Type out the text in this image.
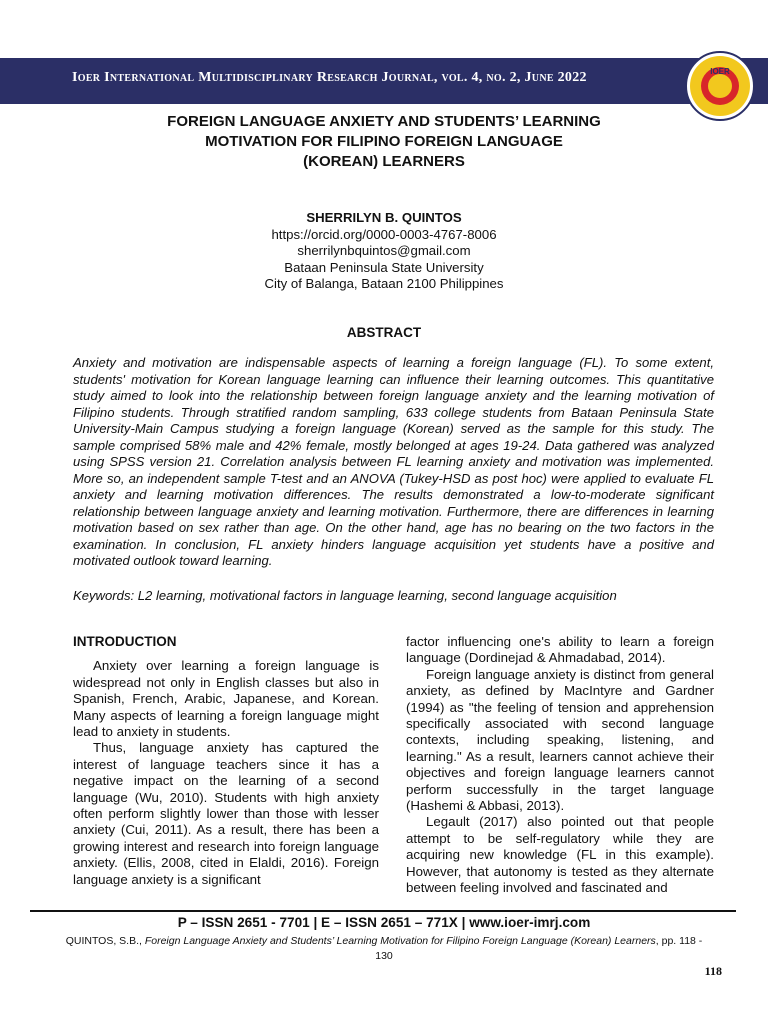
Ioer International Multidisciplinary Research Journal, vol. 4, no. 2, June 2022	IOER
FOREIGN LANGUAGE ANXIETY AND STUDENTS’ LEARNING
MOTIVATION FOR FILIPINO FOREIGN LANGUAGE
(KOREAN) LEARNERS
SHERRILYN B. QUINTOS
https://orcid.org/0000-0003-4767-8006
sherrilynbquintos@gmail.com
Bataan Peninsula State University
City of Balanga, Bataan 2100 Philippines
ABSTRACT
Anxiety and motivation are indispensable aspects of learning a foreign language (FL). To some extent, students' motivation for Korean language learning can influence their learning outcomes. This quantitative study aimed to look into the relationship between foreign language anxiety and the learning motivation of Filipino students. Through stratified random sampling, 633 college students from Bataan Peninsula State University-Main Campus studying a foreign language (Korean) served as the sample for this study. The sample comprised 58% male and 42% female, mostly belonged at ages 19-24. Data gathered was analyzed using SPSS version 21. Correlation analysis between FL learning anxiety and motivation was implemented. More so, an independent sample T-test and an ANOVA (Tukey-HSD as post hoc) were applied to evaluate FL anxiety and learning motivation differences. The results demonstrated a low-to-moderate significant relationship between language anxiety and learning motivation. Furthermore, there are differences in learning motivation based on sex rather than age. On the other hand, age has no bearing on the two factors in the examination. In conclusion, FL anxiety hinders language acquisition yet students have a positive and motivated outlook toward learning.
Keywords: L2 learning, motivational factors in language learning, second language acquisition
INTRODUCTION

Anxiety over learning a foreign language is widespread not only in English classes but also in Spanish, French, Arabic, Japanese, and Korean. Many aspects of learning a foreign language might lead to anxiety in students.

Thus, language anxiety has captured the interest of language teachers since it has a negative impact on the learning of a second language (Wu, 2010). Students with high anxiety often perform slightly lower than those with lesser anxiety (Cui, 2011). As a result, there has been a growing interest and research into foreign language anxiety. (Ellis, 2008, cited in Elaldi, 2016). Foreign language anxiety is a significant

factor influencing one's ability to learn a foreign language (Dordinejad & Ahmadabad, 2014).

Foreign language anxiety is distinct from general anxiety, as defined by MacIntyre and Gardner (1994) as "the feeling of tension and apprehension specifically associated with second language contexts, including speaking, listening, and learning." As a result, learners cannot achieve their objectives and foreign language learners cannot perform successfully in the target language (Hashemi & Abbasi, 2013).

Legault (2017) also pointed out that people attempt to be self-regulatory while they are acquiring new knowledge (FL in this example). However, that autonomy is tested as they alternate between feeling involved and fascinated and

P – ISSN 2651 - 7701 | E – ISSN 2651 – 771X | www.ioer-imrj.com
QUINTOS, S.B., Foreign Language Anxiety and Students’ Learning Motivation for Filipino Foreign Language (Korean) Learners, pp. 118 - 130
118
